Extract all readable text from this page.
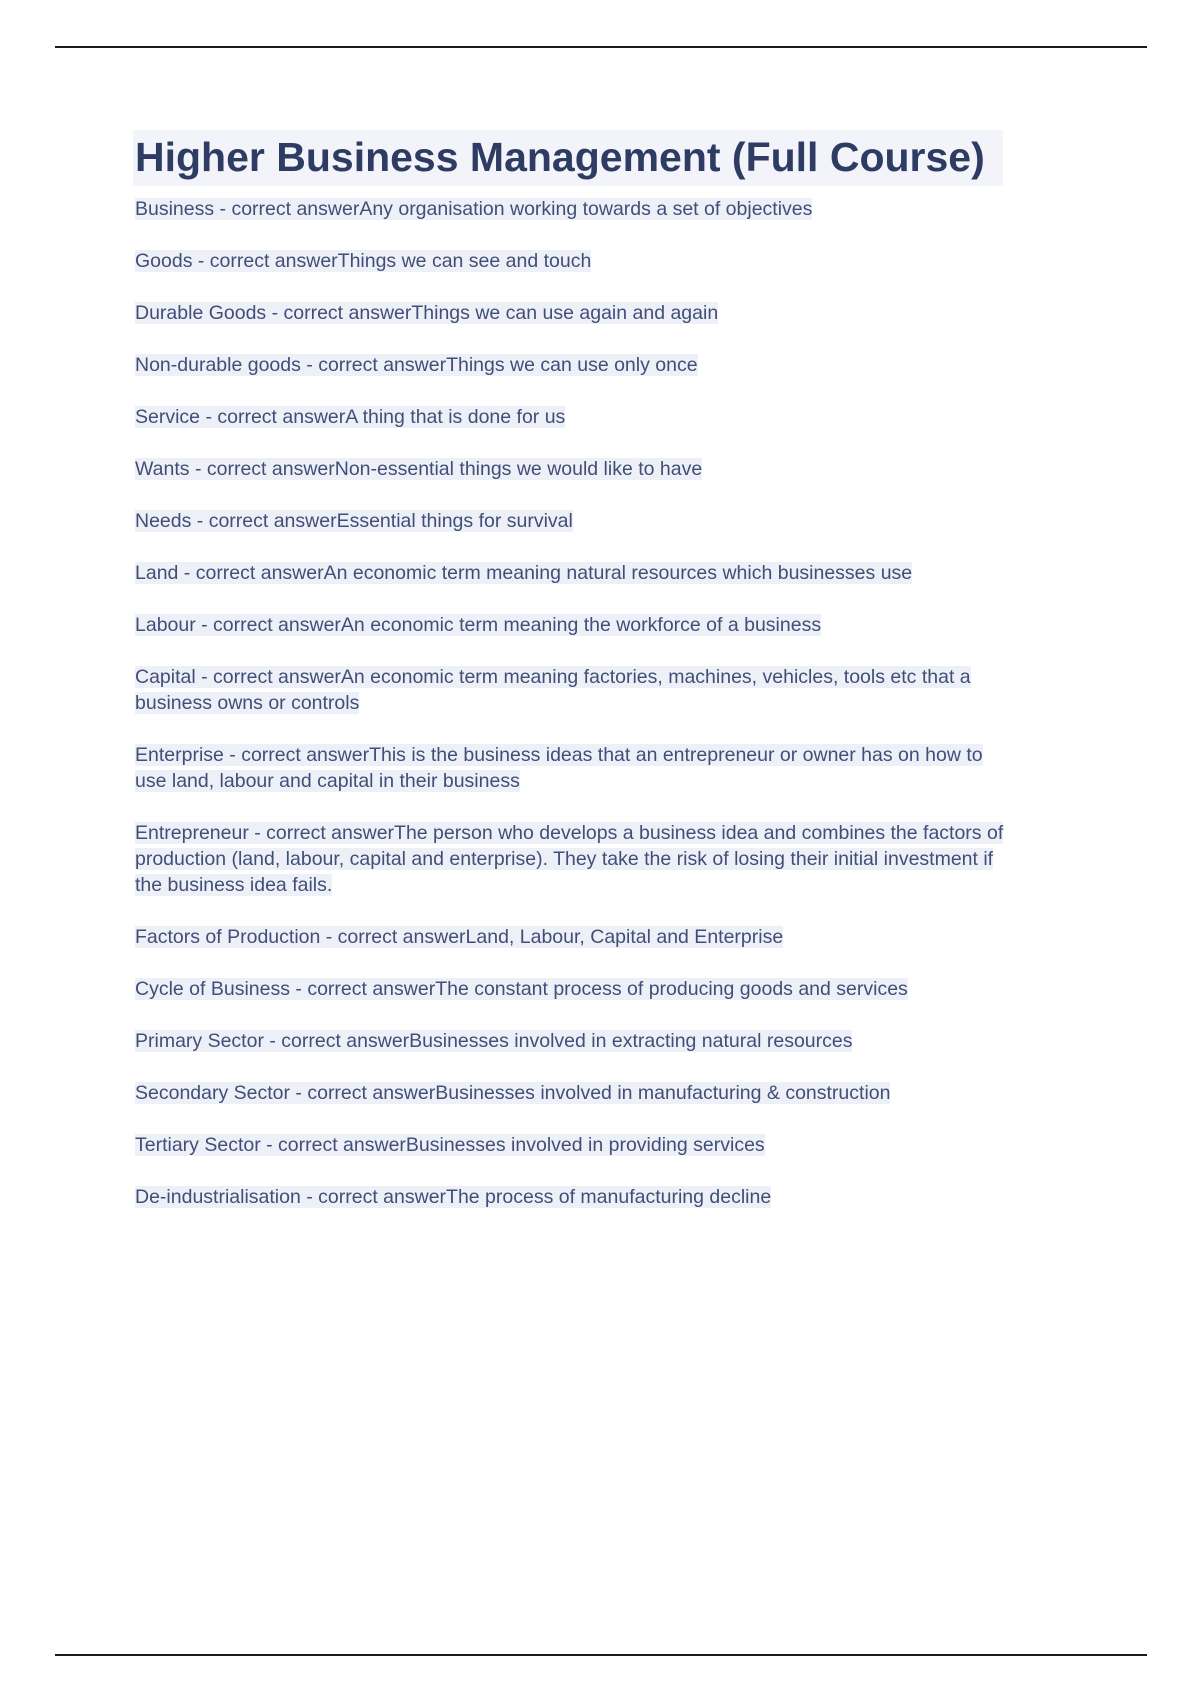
Higher Business Management (Full Course)

Business - correct answerAny organisation working towards a set of objectives

Goods - correct answerThings we can see and touch

Durable Goods - correct answerThings we can use again and again

Non-durable goods - correct answerThings we can use only once

Service - correct answerA thing that is done for us

Wants - correct answerNon-essential things we would like to have

Needs - correct answerEssential things for survival

Land - correct answerAn economic term meaning natural resources which businesses use

Labour - correct answerAn economic term meaning the workforce of a business

Capital - correct answerAn economic term meaning factories, machines, vehicles, tools etc that a business owns or controls

Enterprise - correct answerThis is the business ideas that an entrepreneur or owner has on how to use land, labour and capital in their business

Entrepreneur - correct answerThe person who develops a business idea and combines the factors of production (land, labour, capital and enterprise). They take the risk of losing their initial investment if the business idea fails.

Factors of Production - correct answerLand, Labour, Capital and Enterprise

Cycle of Business - correct answerThe constant process of producing goods and services

Primary Sector - correct answerBusinesses involved in extracting natural resources

Secondary Sector - correct answerBusinesses involved in manufacturing & construction

Tertiary Sector - correct answerBusinesses involved in providing services

De-industrialisation - correct answerThe process of manufacturing decline
